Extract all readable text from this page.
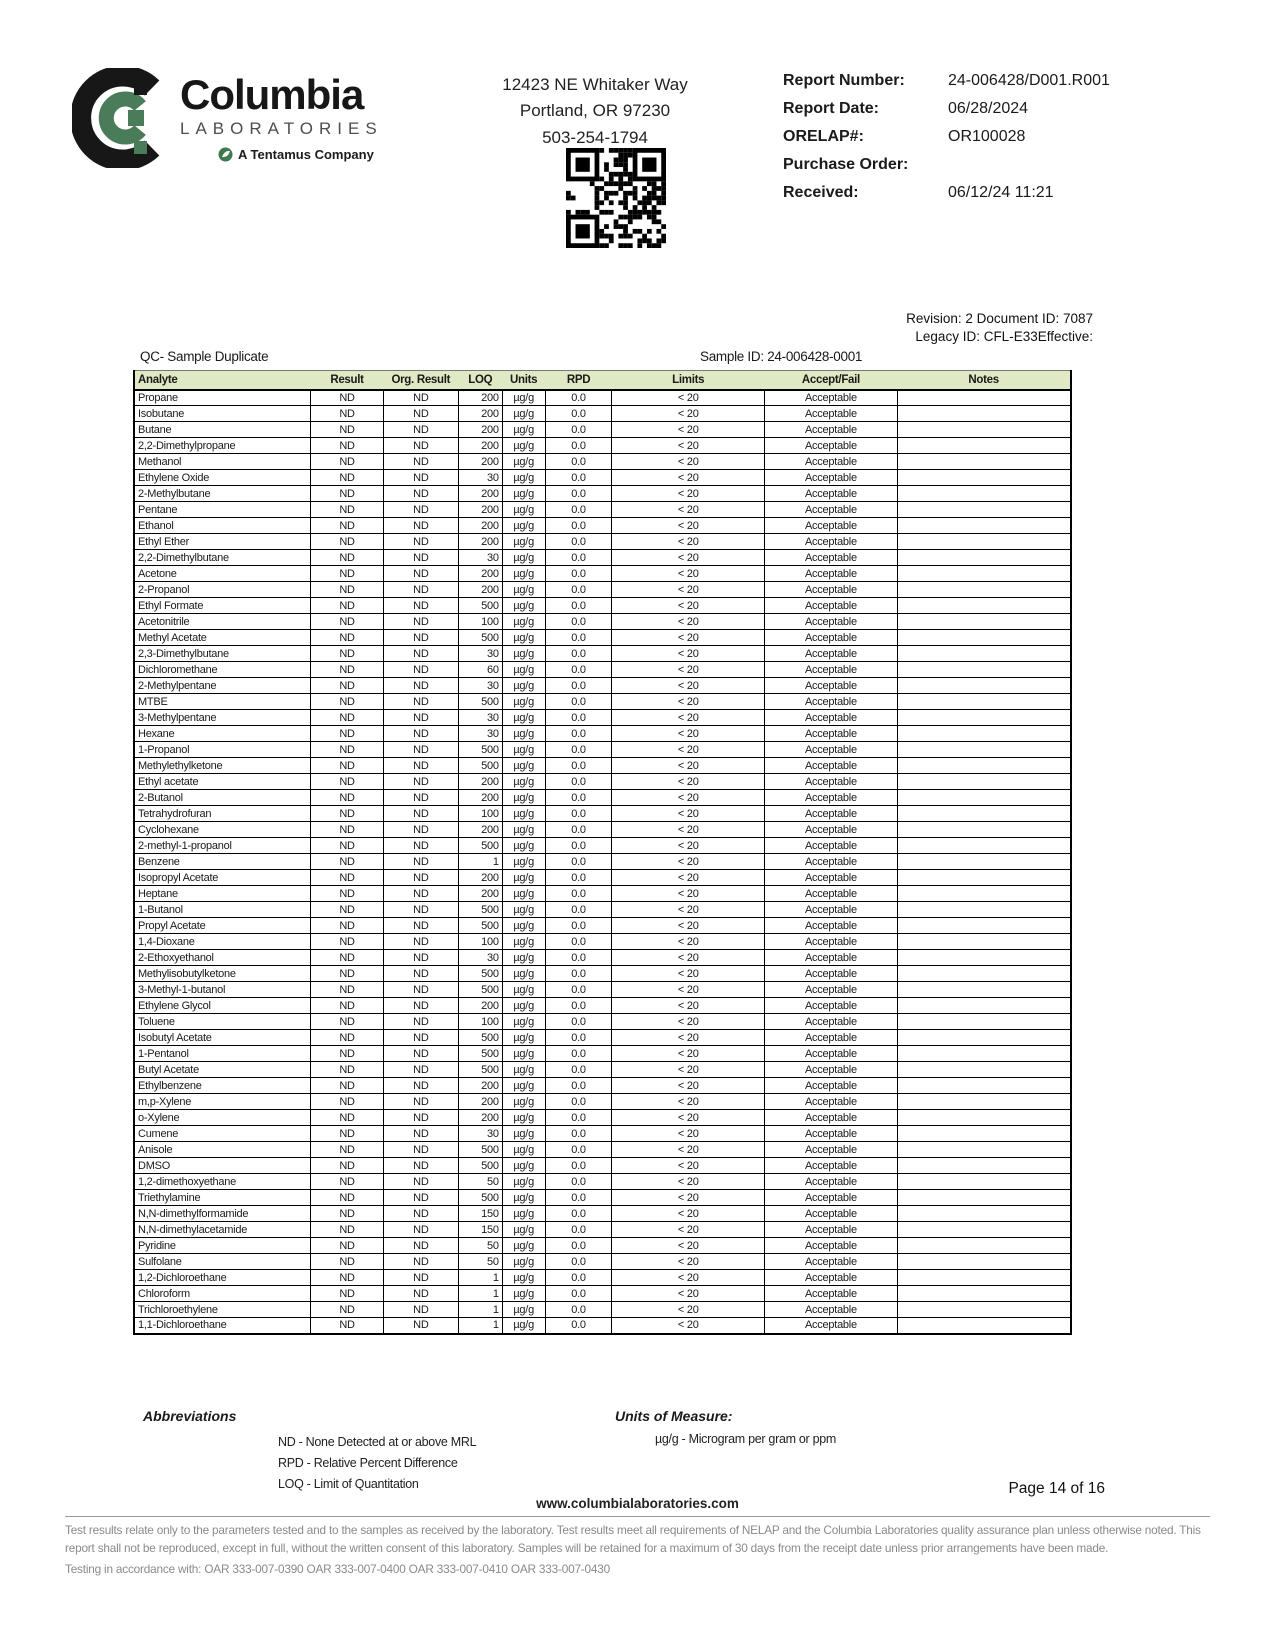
Columbia
LABORATORIES
A Tentamus Company
12423 NE Whitaker Way
Portland, OR 97230
503-254-1794
Report Number:	24-006428/D001.R001
Report Date:	06/28/2024
ORELAP#:	OR100028
Purchase Order:
Received:	06/12/24 11:21
Revision: 2 Document ID: 7087
Legacy ID: CFL-E33Effective:
QC- Sample Duplicate	Sample ID: 24-006428-0001
Analyte	Result	Org. Result	LOQ	Units	RPD	Limits	Accept/Fail	Notes
Propane	ND	ND	200	µg/g	0.0	< 20	Acceptable	
Isobutane	ND	ND	200	µg/g	0.0	< 20	Acceptable	
Butane	ND	ND	200	µg/g	0.0	< 20	Acceptable	
2,2-Dimethylpropane	ND	ND	200	µg/g	0.0	< 20	Acceptable	
Methanol	ND	ND	200	µg/g	0.0	< 20	Acceptable	
Ethylene Oxide	ND	ND	30	µg/g	0.0	< 20	Acceptable	
2-Methylbutane	ND	ND	200	µg/g	0.0	< 20	Acceptable	
Pentane	ND	ND	200	µg/g	0.0	< 20	Acceptable	
Ethanol	ND	ND	200	µg/g	0.0	< 20	Acceptable	
Ethyl Ether	ND	ND	200	µg/g	0.0	< 20	Acceptable	
2,2-Dimethylbutane	ND	ND	30	µg/g	0.0	< 20	Acceptable	
Acetone	ND	ND	200	µg/g	0.0	< 20	Acceptable	
2-Propanol	ND	ND	200	µg/g	0.0	< 20	Acceptable	
Ethyl Formate	ND	ND	500	µg/g	0.0	< 20	Acceptable	
Acetonitrile	ND	ND	100	µg/g	0.0	< 20	Acceptable	
Methyl Acetate	ND	ND	500	µg/g	0.0	< 20	Acceptable	
2,3-Dimethylbutane	ND	ND	30	µg/g	0.0	< 20	Acceptable	
Dichloromethane	ND	ND	60	µg/g	0.0	< 20	Acceptable	
2-Methylpentane	ND	ND	30	µg/g	0.0	< 20	Acceptable	
MTBE	ND	ND	500	µg/g	0.0	< 20	Acceptable	
3-Methylpentane	ND	ND	30	µg/g	0.0	< 20	Acceptable	
Hexane	ND	ND	30	µg/g	0.0	< 20	Acceptable	
1-Propanol	ND	ND	500	µg/g	0.0	< 20	Acceptable	
Methylethylketone	ND	ND	500	µg/g	0.0	< 20	Acceptable	
Ethyl acetate	ND	ND	200	µg/g	0.0	< 20	Acceptable	
2-Butanol	ND	ND	200	µg/g	0.0	< 20	Acceptable	
Tetrahydrofuran	ND	ND	100	µg/g	0.0	< 20	Acceptable	
Cyclohexane	ND	ND	200	µg/g	0.0	< 20	Acceptable	
2-methyl-1-propanol	ND	ND	500	µg/g	0.0	< 20	Acceptable	
Benzene	ND	ND	1	µg/g	0.0	< 20	Acceptable	
Isopropyl Acetate	ND	ND	200	µg/g	0.0	< 20	Acceptable	
Heptane	ND	ND	200	µg/g	0.0	< 20	Acceptable	
1-Butanol	ND	ND	500	µg/g	0.0	< 20	Acceptable	
Propyl Acetate	ND	ND	500	µg/g	0.0	< 20	Acceptable	
1,4-Dioxane	ND	ND	100	µg/g	0.0	< 20	Acceptable	
2-Ethoxyethanol	ND	ND	30	µg/g	0.0	< 20	Acceptable	
Methylisobutylketone	ND	ND	500	µg/g	0.0	< 20	Acceptable	
3-Methyl-1-butanol	ND	ND	500	µg/g	0.0	< 20	Acceptable	
Ethylene Glycol	ND	ND	200	µg/g	0.0	< 20	Acceptable	
Toluene	ND	ND	100	µg/g	0.0	< 20	Acceptable	
Isobutyl Acetate	ND	ND	500	µg/g	0.0	< 20	Acceptable	
1-Pentanol	ND	ND	500	µg/g	0.0	< 20	Acceptable	
Butyl Acetate	ND	ND	500	µg/g	0.0	< 20	Acceptable	
Ethylbenzene	ND	ND	200	µg/g	0.0	< 20	Acceptable	
m,p-Xylene	ND	ND	200	µg/g	0.0	< 20	Acceptable	
o-Xylene	ND	ND	200	µg/g	0.0	< 20	Acceptable	
Cumene	ND	ND	30	µg/g	0.0	< 20	Acceptable	
Anisole	ND	ND	500	µg/g	0.0	< 20	Acceptable	
DMSO	ND	ND	500	µg/g	0.0	< 20	Acceptable	
1,2-dimethoxyethane	ND	ND	50	µg/g	0.0	< 20	Acceptable	
Triethylamine	ND	ND	500	µg/g	0.0	< 20	Acceptable	
N,N-dimethylformamide	ND	ND	150	µg/g	0.0	< 20	Acceptable	
N,N-dimethylacetamide	ND	ND	150	µg/g	0.0	< 20	Acceptable	
Pyridine	ND	ND	50	µg/g	0.0	< 20	Acceptable	
Sulfolane	ND	ND	50	µg/g	0.0	< 20	Acceptable	
1,2-Dichloroethane	ND	ND	1	µg/g	0.0	< 20	Acceptable	
Chloroform	ND	ND	1	µg/g	0.0	< 20	Acceptable	
Trichloroethylene	ND	ND	1	µg/g	0.0	< 20	Acceptable	
1,1-Dichloroethane	ND	ND	1	µg/g	0.0	< 20	Acceptable	
Abbreviations
ND - None Detected at or above MRL
RPD - Relative Percent Difference
LOQ - Limit of Quantitation
Units of Measure:
µg/g - Microgram per gram or ppm
Page 14 of 16
www.columbialaboratories.com
Test results relate only to the parameters tested and to the samples as received by the laboratory. Test results meet all requirements of NELAP and the Columbia Laboratories quality assurance plan unless otherwise noted. This report shall not be reproduced, except in full, without the written consent of this laboratory. Samples will be retained for a maximum of 30 days from the receipt date unless prior arrangements have been made.
Testing in accordance with: OAR 333-007-0390 OAR 333-007-0400 OAR 333-007-0410 OAR 333-007-0430
